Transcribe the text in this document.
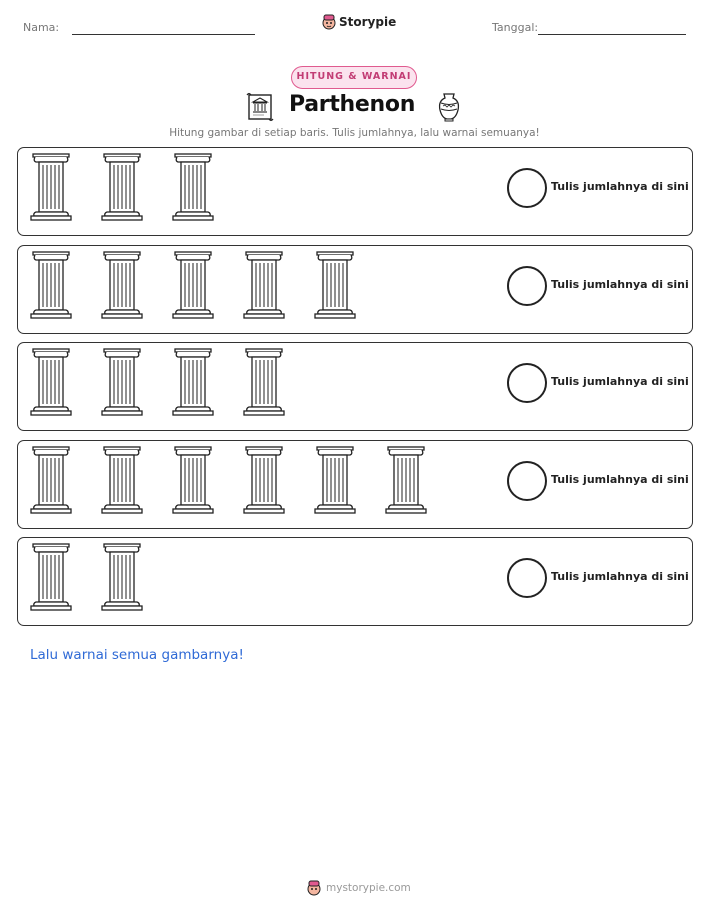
Nama:	Storypie	Tanggal:
HITUNG & WARNAI
Parthenon
Hitung gambar di setiap baris. Tulis jumlahnya, lalu warnai semuanya!
Tulis jumlahnya di sini
Tulis jumlahnya di sini
Tulis jumlahnya di sini
Tulis jumlahnya di sini
Tulis jumlahnya di sini
Lalu warnai semua gambarnya!
mystorypie.com
